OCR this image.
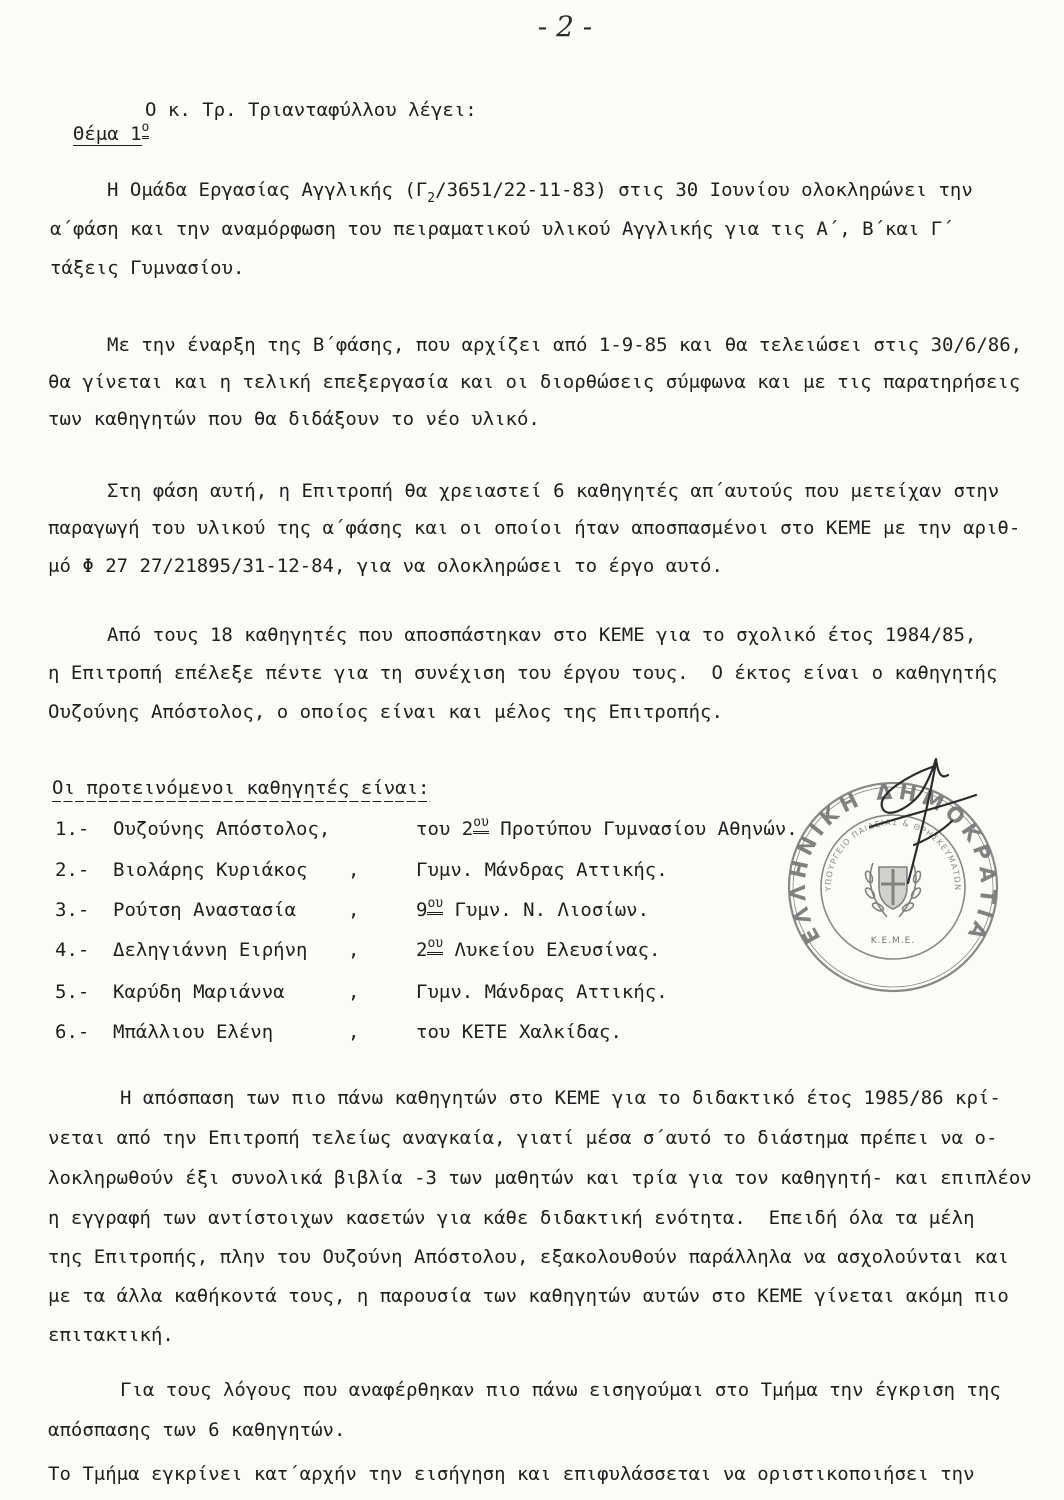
- 2 -

Θέμα $1^o$

Ο κ. Τρ. Τριανταφύλλου λέγει:
Η Ομάδα Εργασίας Αγγλικής $(\Gamma_2/3651/22-11-83)$ στις 30 Ιουνίου ολοκληρώνει την
α΄φάση και την αναμόρφωση του πειραματικού υλικού Αγγλικής για τις Α΄, Β΄και Γ΄
τάξεις Γυμνασίου.
Με την έναρξη της Β΄φάσης, που αρχίζει από 1-9-85 και θα τελειώσει στις 30/6/86,
θα γίνεται και η τελική επεξεργασία και οι διορθώσεις σύμφωνα και με τις παρατηρήσεις
των καθηγητών που θα διδάξουν το νέο υλικό.
Στη φάση αυτή, η Επιτροπή θα χρειαστεί 6 καθηγητές απ΄αυτούς που μετείχαν στην
παραγωγή του υλικού της α΄φάσης και οι οποίοι ήταν αποσπασμένοι στο ΚΕΜΕ με την αριθ-
μό Φ 27 27/21895/31-12-84, για να ολοκληρώσει το έργο αυτό.
Από τους 18 καθηγητές που αποσπάστηκαν στο ΚΕΜΕ για το σχολικό έτος 1984/85,
η Επιτροπή επέλεξε πέντε για τη συνέχιση του έργου τους.  Ο έκτος είναι ο καθηγητής
Ουζούνης Απόστολος, ο οποίος είναι και μέλος της Επιτροπής.
Οι προτεινόμενοι καθηγητές είναι:
1.- Ουζούνης Απόστολος,	του $2^{o\upsilon}$ Προτύπου Γυμνασίου Αθηνών.
2.- Βιολάρης Κυριάκος ,	Γυμν. Μάνδρας Αττικής.
3.- Ρούτση Αναστασία	,	$9^{o\upsilon}$ Γυμν. Ν. Λιοσίων.
4.- Δεληγιάννη Ειρήνη ,	$2^{o\upsilon}$ Λυκείου Ελευσίνας.
5.- Καρύδη Μαριάννα	,	Γυμν. Μάνδρας Αττικής.
6.- Μπάλλιου Ελένη	,	του ΚΕΤΕ Χαλκίδας.
Η απόσπαση των πιο πάνω καθηγητών στο ΚΕΜΕ για το διδακτικό έτος 1985/86 κρί-
νεται από την Επιτροπή τελείως αναγκαία, γιατί μέσα σ΄αυτό το διάστημα πρέπει να ο-
λοκληρωθούν έξι συνολικά βιβλία -3 των μαθητών και τρία για τον καθηγητή- και επιπλέον
η εγγραφή των αντίστοιχων κασετών για κάθε διδακτική ενότητα.  Επειδή όλα τα μέλη
της Επιτροπής, πλην του Ουζούνη Απόστολου, εξακολουθούν παράλληλα να ασχολούνται και
με τα άλλα καθήκοντά τους, η παρουσία των καθηγητών αυτών στο ΚΕΜΕ γίνεται ακόμη πιο
επιτακτική.
Για τους λόγους που αναφέρθηκαν πιο πάνω εισηγούμαι στο Τμήμα την έγκριση της
απόσπασης των 6 καθηγητών.
Το Τμήμα εγκρίνει κατ΄αρχήν την εισήγηση και επιφυλάσσεται να οριστικοποιήσει την
ΕΛΛΗΝΙΚΗ ΔΗΜΟΚΡΑΤΙΑ
ΥΠΟΥΡΓΕΙΟ ΠΑΙΔΕΙΑΣ & ΘΡΗΣΚΕΥΜΑΤΩΝ
Κ.Ε.Μ.Ε.
